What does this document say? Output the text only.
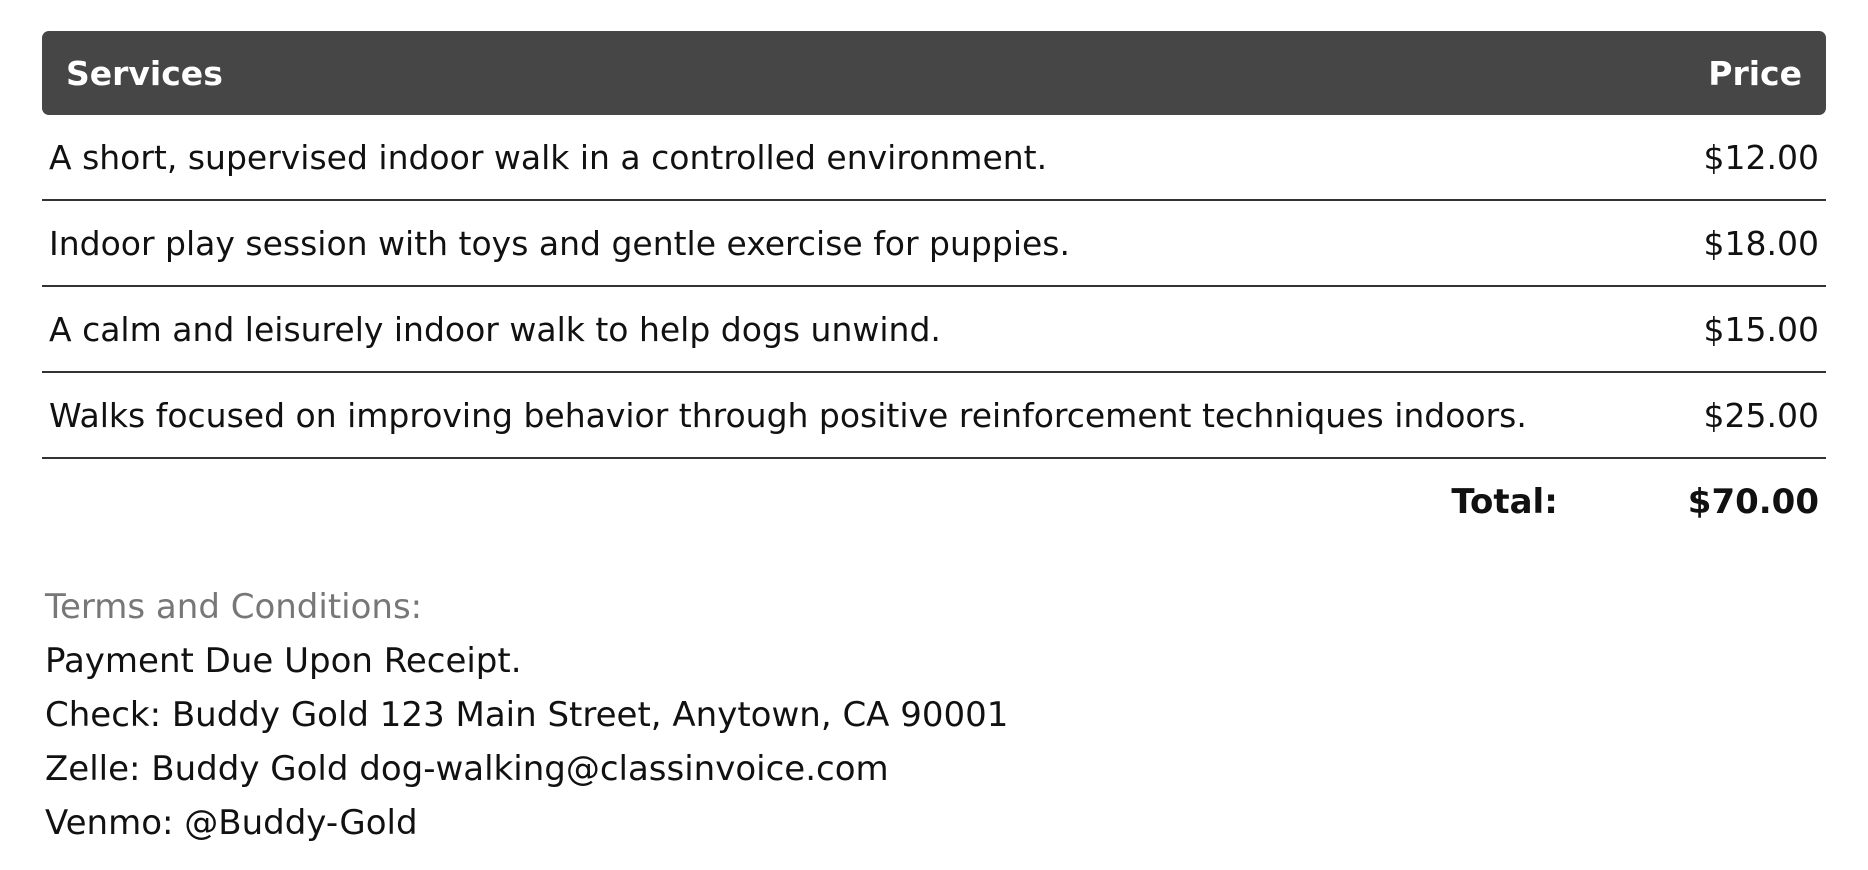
Services	Price
A short, supervised indoor walk in a controlled environment.	$12.00
Indoor play session with toys and gentle exercise for puppies.	$18.00
A calm and leisurely indoor walk to help dogs unwind.	$15.00
Walks focused on improving behavior through positive reinforcement techniques indoors.	$25.00
Total:	$70.00
Terms and Conditions:
Payment Due Upon Receipt.
Check: Buddy Gold 123 Main Street, Anytown, CA 90001
Zelle: Buddy Gold dog-walking@classinvoice.com
Venmo: @Buddy-Gold
